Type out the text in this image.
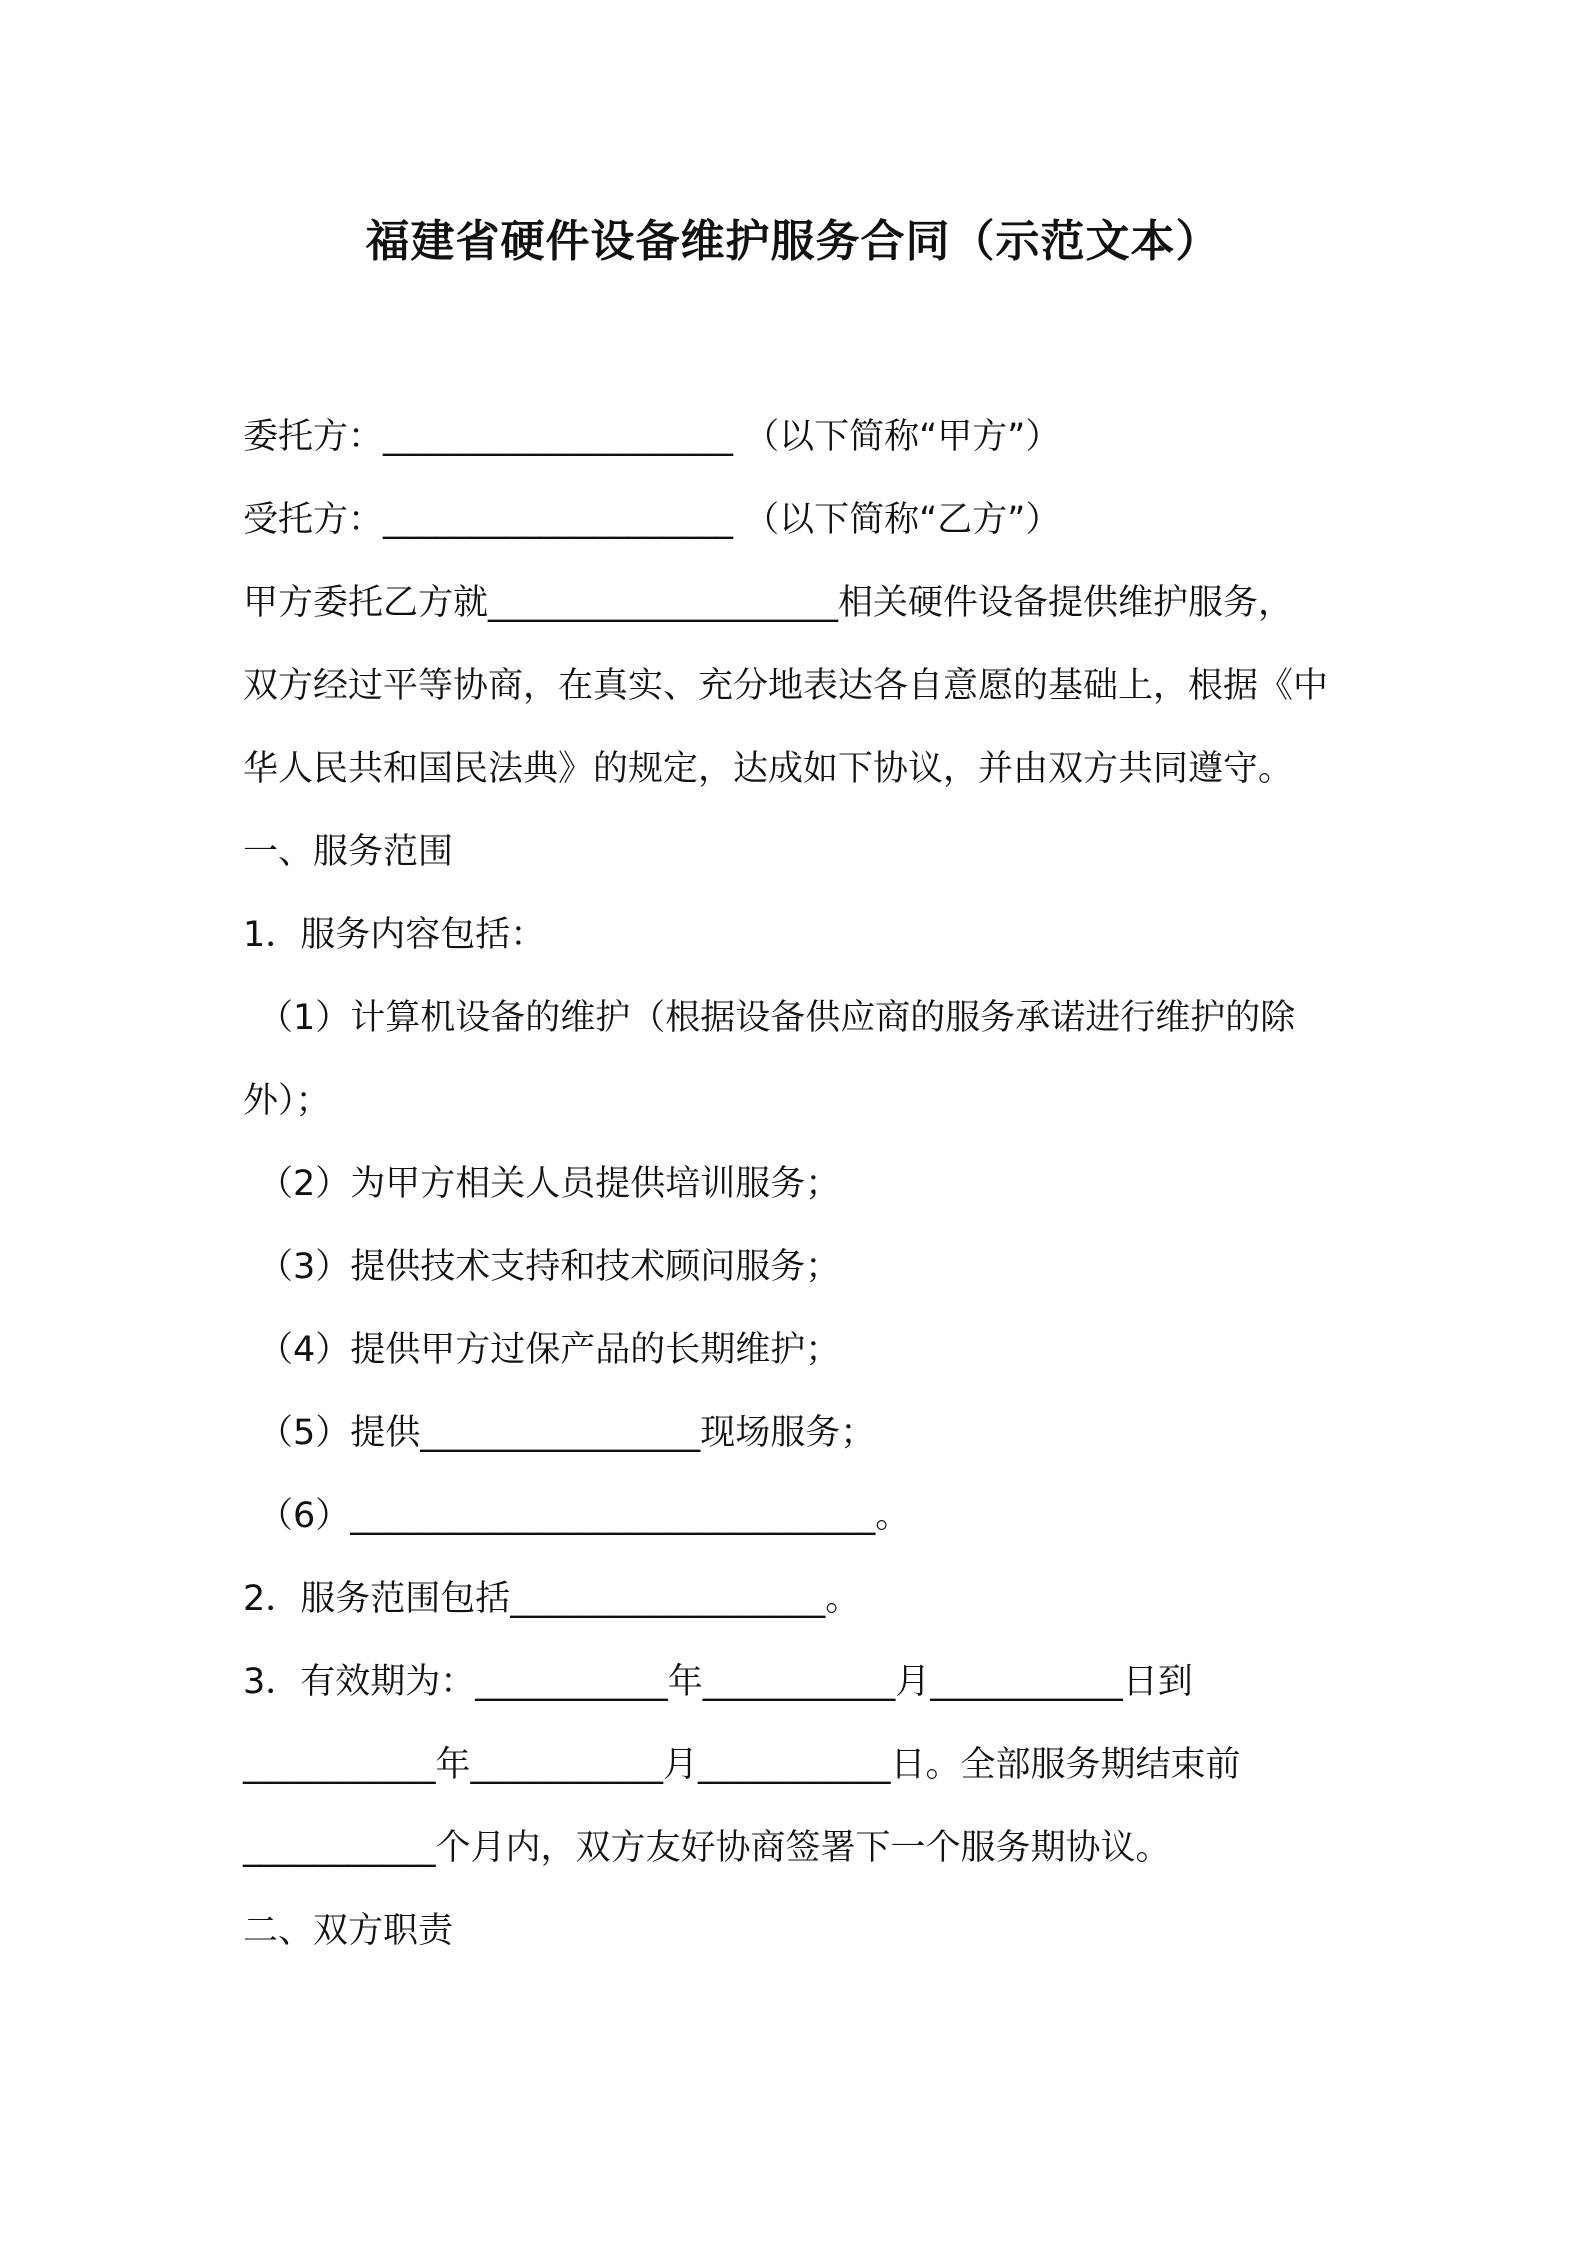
福建省硬件设备维护服务合同（示范文本）
委托方：____________________ （以下简称“甲方”）
受托方：____________________ （以下简称“乙方”）
甲方委托乙方就____________________相关硬件设备提供维护服务，
双方经过平等协商，在真实、充分地表达各自意愿的基础上，根据《中
华人民共和国民法典》的规定，达成如下协议，并由双方共同遵守。
一、服务范围
1．服务内容包括：
（1）计算机设备的维护（根据设备供应商的服务承诺进行维护的除
外）；
（2）为甲方相关人员提供培训服务；
（3）提供技术支持和技术顾问服务；
（4）提供甲方过保产品的长期维护；
（5）提供________________现场服务；
（6）______________________________。
2．服务范围包括__________________。
3．有效期为：___________年___________月___________日到
___________年___________月___________日。全部服务期结束前
___________个月内，双方友好协商签署下一个服务期协议。
二、双方职责
